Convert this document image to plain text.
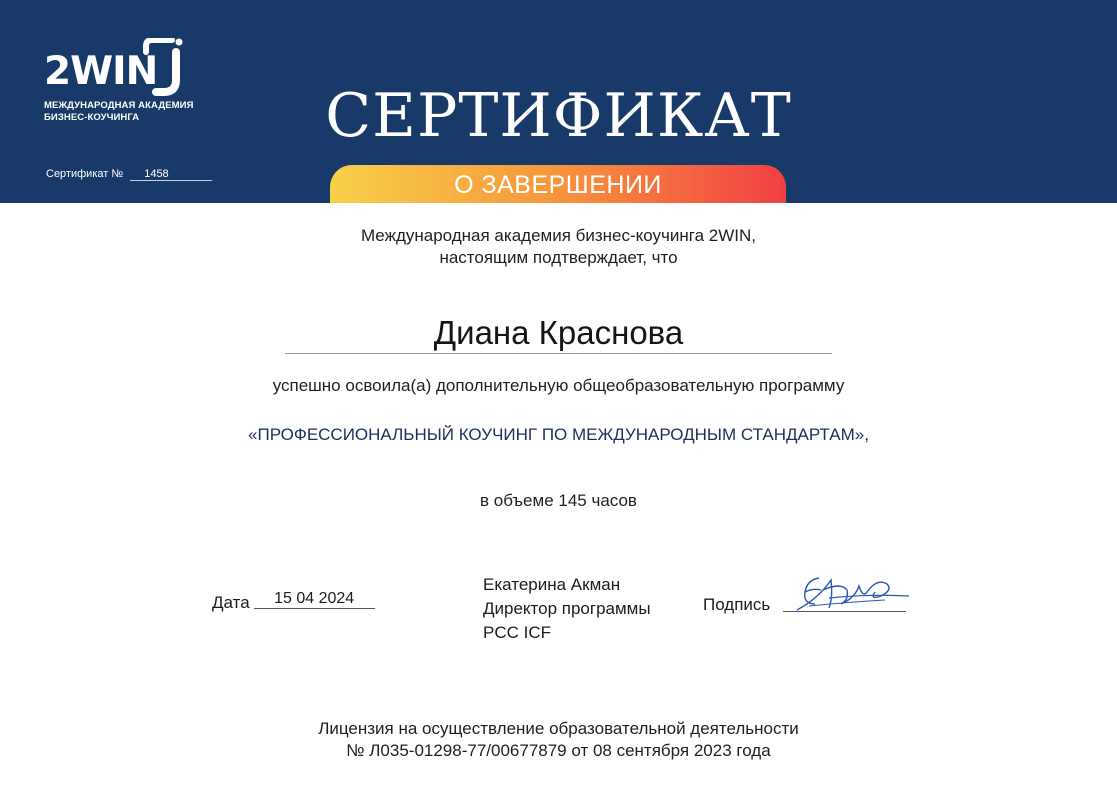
2WIN
МЕЖДУНАРОДНАЯ АКАДЕМИЯ
БИЗНЕС-КОУЧИНГА
Сертификат № 1458
СЕРТИФИКАТ
О ЗАВЕРШЕНИИ
Международная академия бизнес-коучинга 2WIN,
настоящим подтверждает, что
Диана Краснова
успешно освоила(а) дополнительную общеобразовательную программу
«ПРОФЕССИОНАЛЬНЫЙ КОУЧИНГ ПО МЕЖДУНАРОДНЫМ СТАНДАРТАМ»,
в объеме 145 часов
Дата 15 04 2024
Екатерина Акман
Директор программы
PCC ICF
Подпись
Лицензия на осуществление образовательной деятельности
№ Л035-01298-77/00677879 от 08 сентября 2023 года
